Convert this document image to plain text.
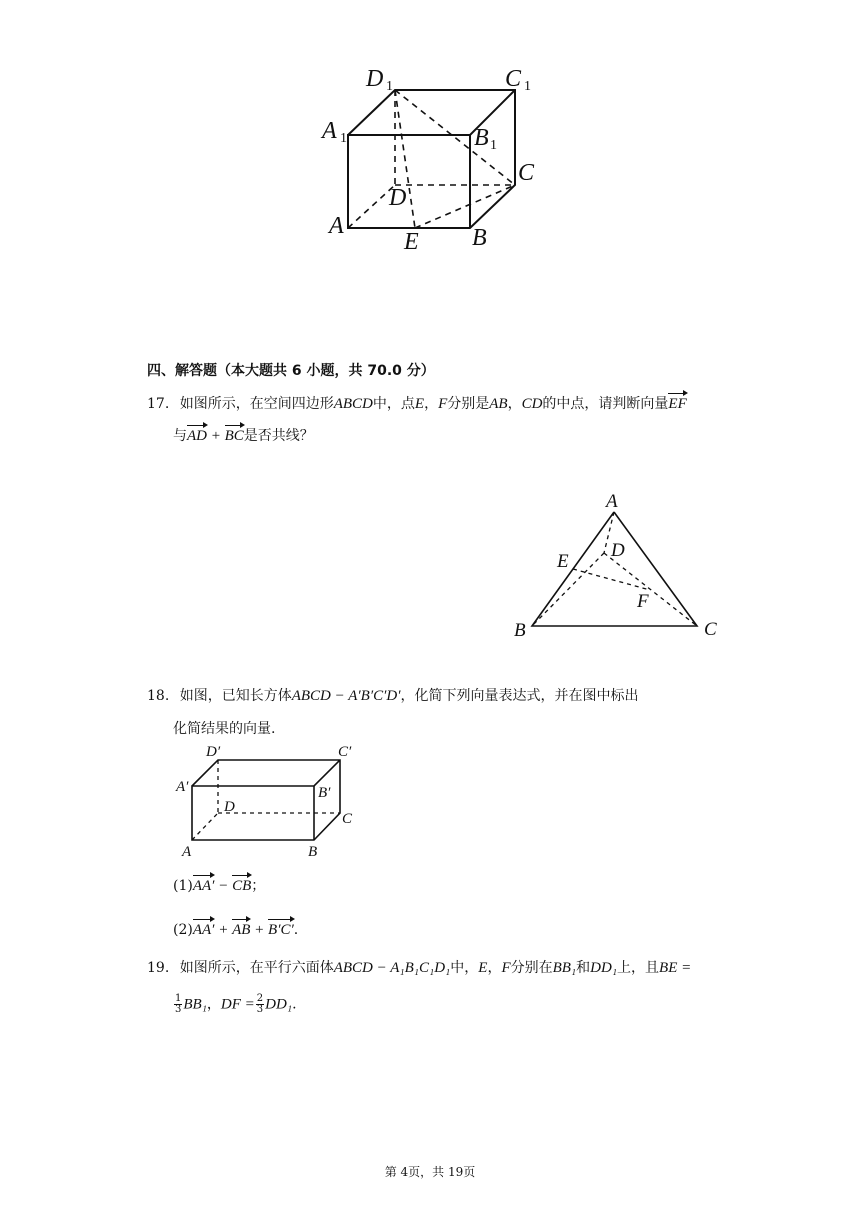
D 1	C 1
A 1	B 1
C
D
A
E B
四、解答题（本大题共 6 小题，共 70.0 分）
17. 如图所示，在空间四边形ABCD中，点E，F分别是AB，CD的中点，请判断向量EF
与AD + BC是否共线？
A
D
E
F
B	C
18. 如图，已知长方体ABCD − A′B′C′D′，化简下列向量表达式，并在图中标出
化简结果的向量.
D′	C′
A′	B′
D
C
A	B
(1)AA′ − CB；
(2)AA′ + AB + B′C′.
19. 如图所示，在平行六面体ABCD − A₁B₁C₁D₁中，E，F分别在BB₁和DD₁上，且BE =
$\frac{1}{3} BB_1$，DF = $\frac{2}{3} DD_1$.
第 4页，共 19页
